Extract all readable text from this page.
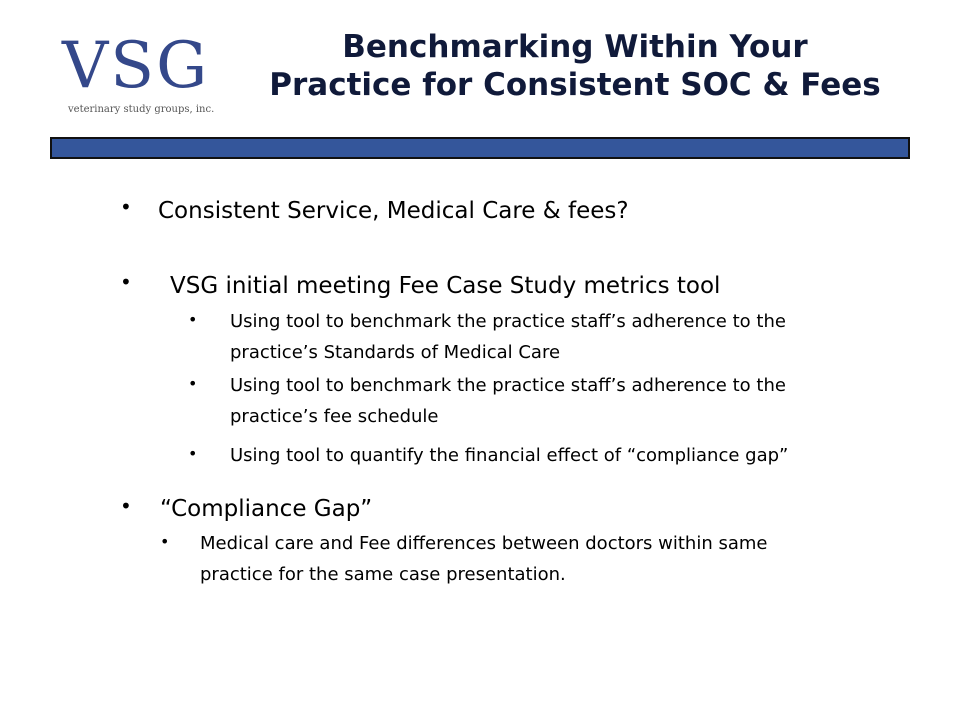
VSG
veterinary study groups, inc.
Benchmarking Within Your
Practice for Consistent SOC & Fees
• Consistent Service, Medical Care & fees?
• VSG initial meeting Fee Case Study metrics tool
• Using tool to benchmark the practice staff’s adherence to the
practice’s Standards of Medical Care
• Using tool to benchmark the practice staff’s adherence to the
practice’s fee schedule
• Using tool to quantify the financial effect of “compliance gap”
• “Compliance Gap”
• Medical care and Fee differences between doctors within same
practice for the same case presentation.
